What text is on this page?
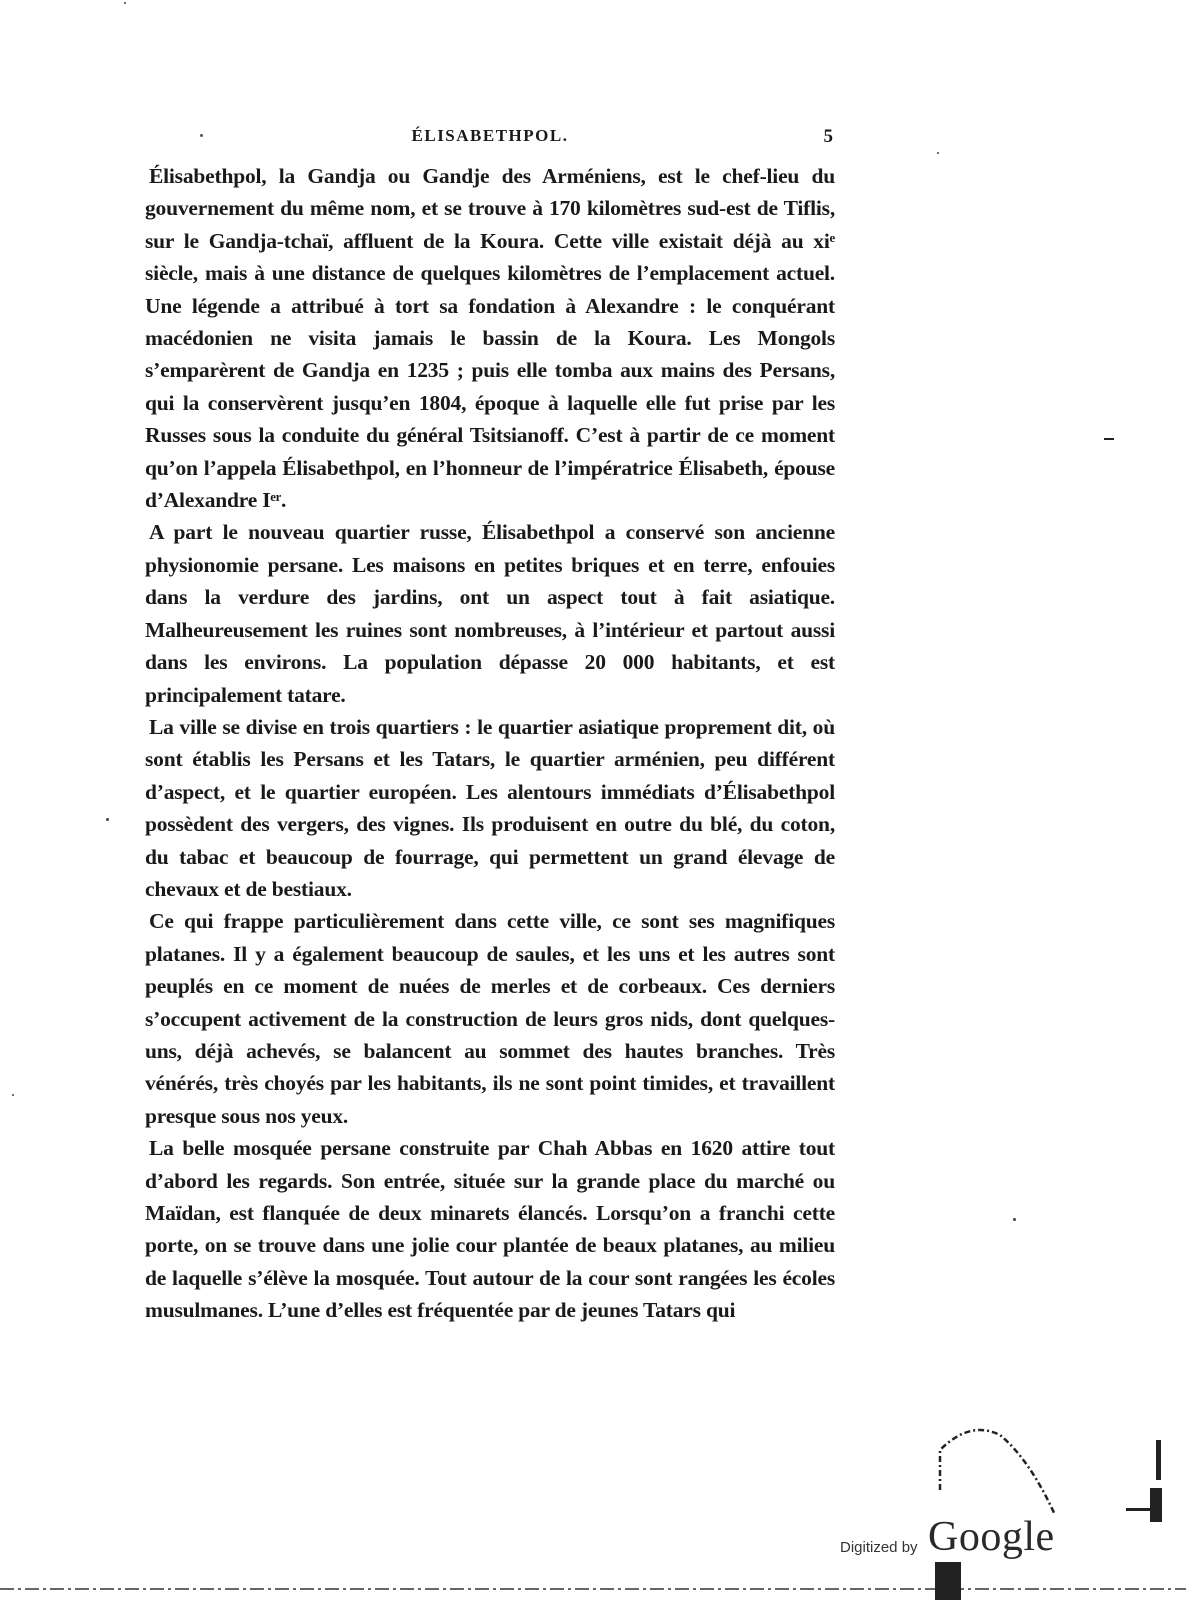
ÉLISABETHPOL.	5

Élisabethpol, la Gandja ou Gandje des Arméniens, est le chef-lieu du gouvernement du même nom, et se trouve à 170 kilomètres sud-est de Tiflis, sur le Gandja-tchaï, affluent de la Koura. Cette ville existait déjà au xiᵉ siècle, mais à une distance de quelques kilomètres de l’emplacement actuel. Une légende a attribué à tort sa fondation à Alexandre : le conquérant macédonien ne visita jamais le bassin de la Koura. Les Mongols s’emparèrent de Gandja en 1235 ; puis elle tomba aux mains des Persans, qui la conservèrent jusqu’en 1804, époque à laquelle elle fut prise par les Russes sous la conduite du général Tsitsianoff. C’est à partir de ce moment qu’on l’appela Élisabethpol, en l’honneur de l’impératrice Élisabeth, épouse d’Alexandre Iᵉʳ.

A part le nouveau quartier russe, Élisabethpol a conservé son ancienne physionomie persane. Les maisons en petites briques et en terre, enfouies dans la verdure des jardins, ont un aspect tout à fait asiatique. Malheureusement les ruines sont nombreuses, à l’intérieur et partout aussi dans les environs. La population dépasse 20 000 habitants, et est principalement tatare.

La ville se divise en trois quartiers : le quartier asiatique proprement dit, où sont établis les Persans et les Tatars, le quartier arménien, peu différent d’aspect, et le quartier européen. Les alentours immédiats d’Élisabethpol possèdent des vergers, des vignes. Ils produisent en outre du blé, du coton, du tabac et beaucoup de fourrage, qui permettent un grand élevage de chevaux et de bestiaux.

Ce qui frappe particulièrement dans cette ville, ce sont ses magnifiques platanes. Il y a également beaucoup de saules, et les uns et les autres sont peuplés en ce moment de nuées de merles et de corbeaux. Ces derniers s’occupent activement de la construction de leurs gros nids, dont quelques-uns, déjà achevés, se balancent au sommet des hautes branches. Très vénérés, très choyés par les habitants, ils ne sont point timides, et travaillent presque sous nos yeux.

La belle mosquée persane construite par Chah Abbas en 1620 attire tout d’abord les regards. Son entrée, située sur la grande place du marché ou Maïdan, est flanquée de deux minarets élancés. Lorsqu’on a franchi cette porte, on se trouve dans une jolie cour plantée de beaux platanes, au milieu de laquelle s’élève la mosquée. Tout autour de la cour sont rangées les écoles musulmanes. L’une d’elles est fréquentée par de jeunes Tatars qui

Digitized by Google
